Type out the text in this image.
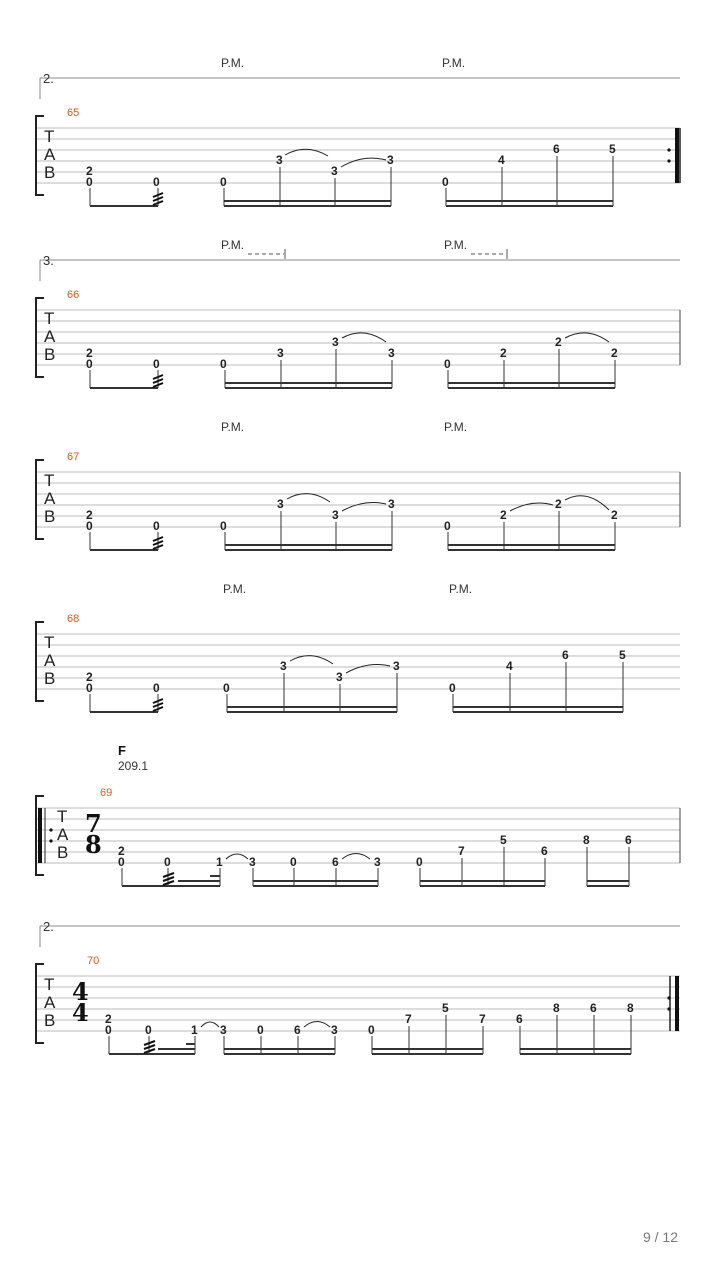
P.M.	P.M.
2.
65
T
A
B	2
0	0	0
3
3
3
0
4
6	5
P.M.	P.M.
3.
66
T
A
B	2
0	0	0
3
3
3
0
2
2
2
P.M.	P.M.
67
T
A
B	2
0	0	0
3
3
3
0
2
2
2
P.M.	P.M.
68
T
A
B	2
0	0	0
3
3
3
0
4
6	5
F
209.1
69
T
A
B
7
8 2
0	0	1 3	0	6	3	0
7
5
6
8	6
2.
70
T
A
B
4
4 2
0	0	1 3	0	6	3	0
7
5
7	6
8	6	8
9 / 12
